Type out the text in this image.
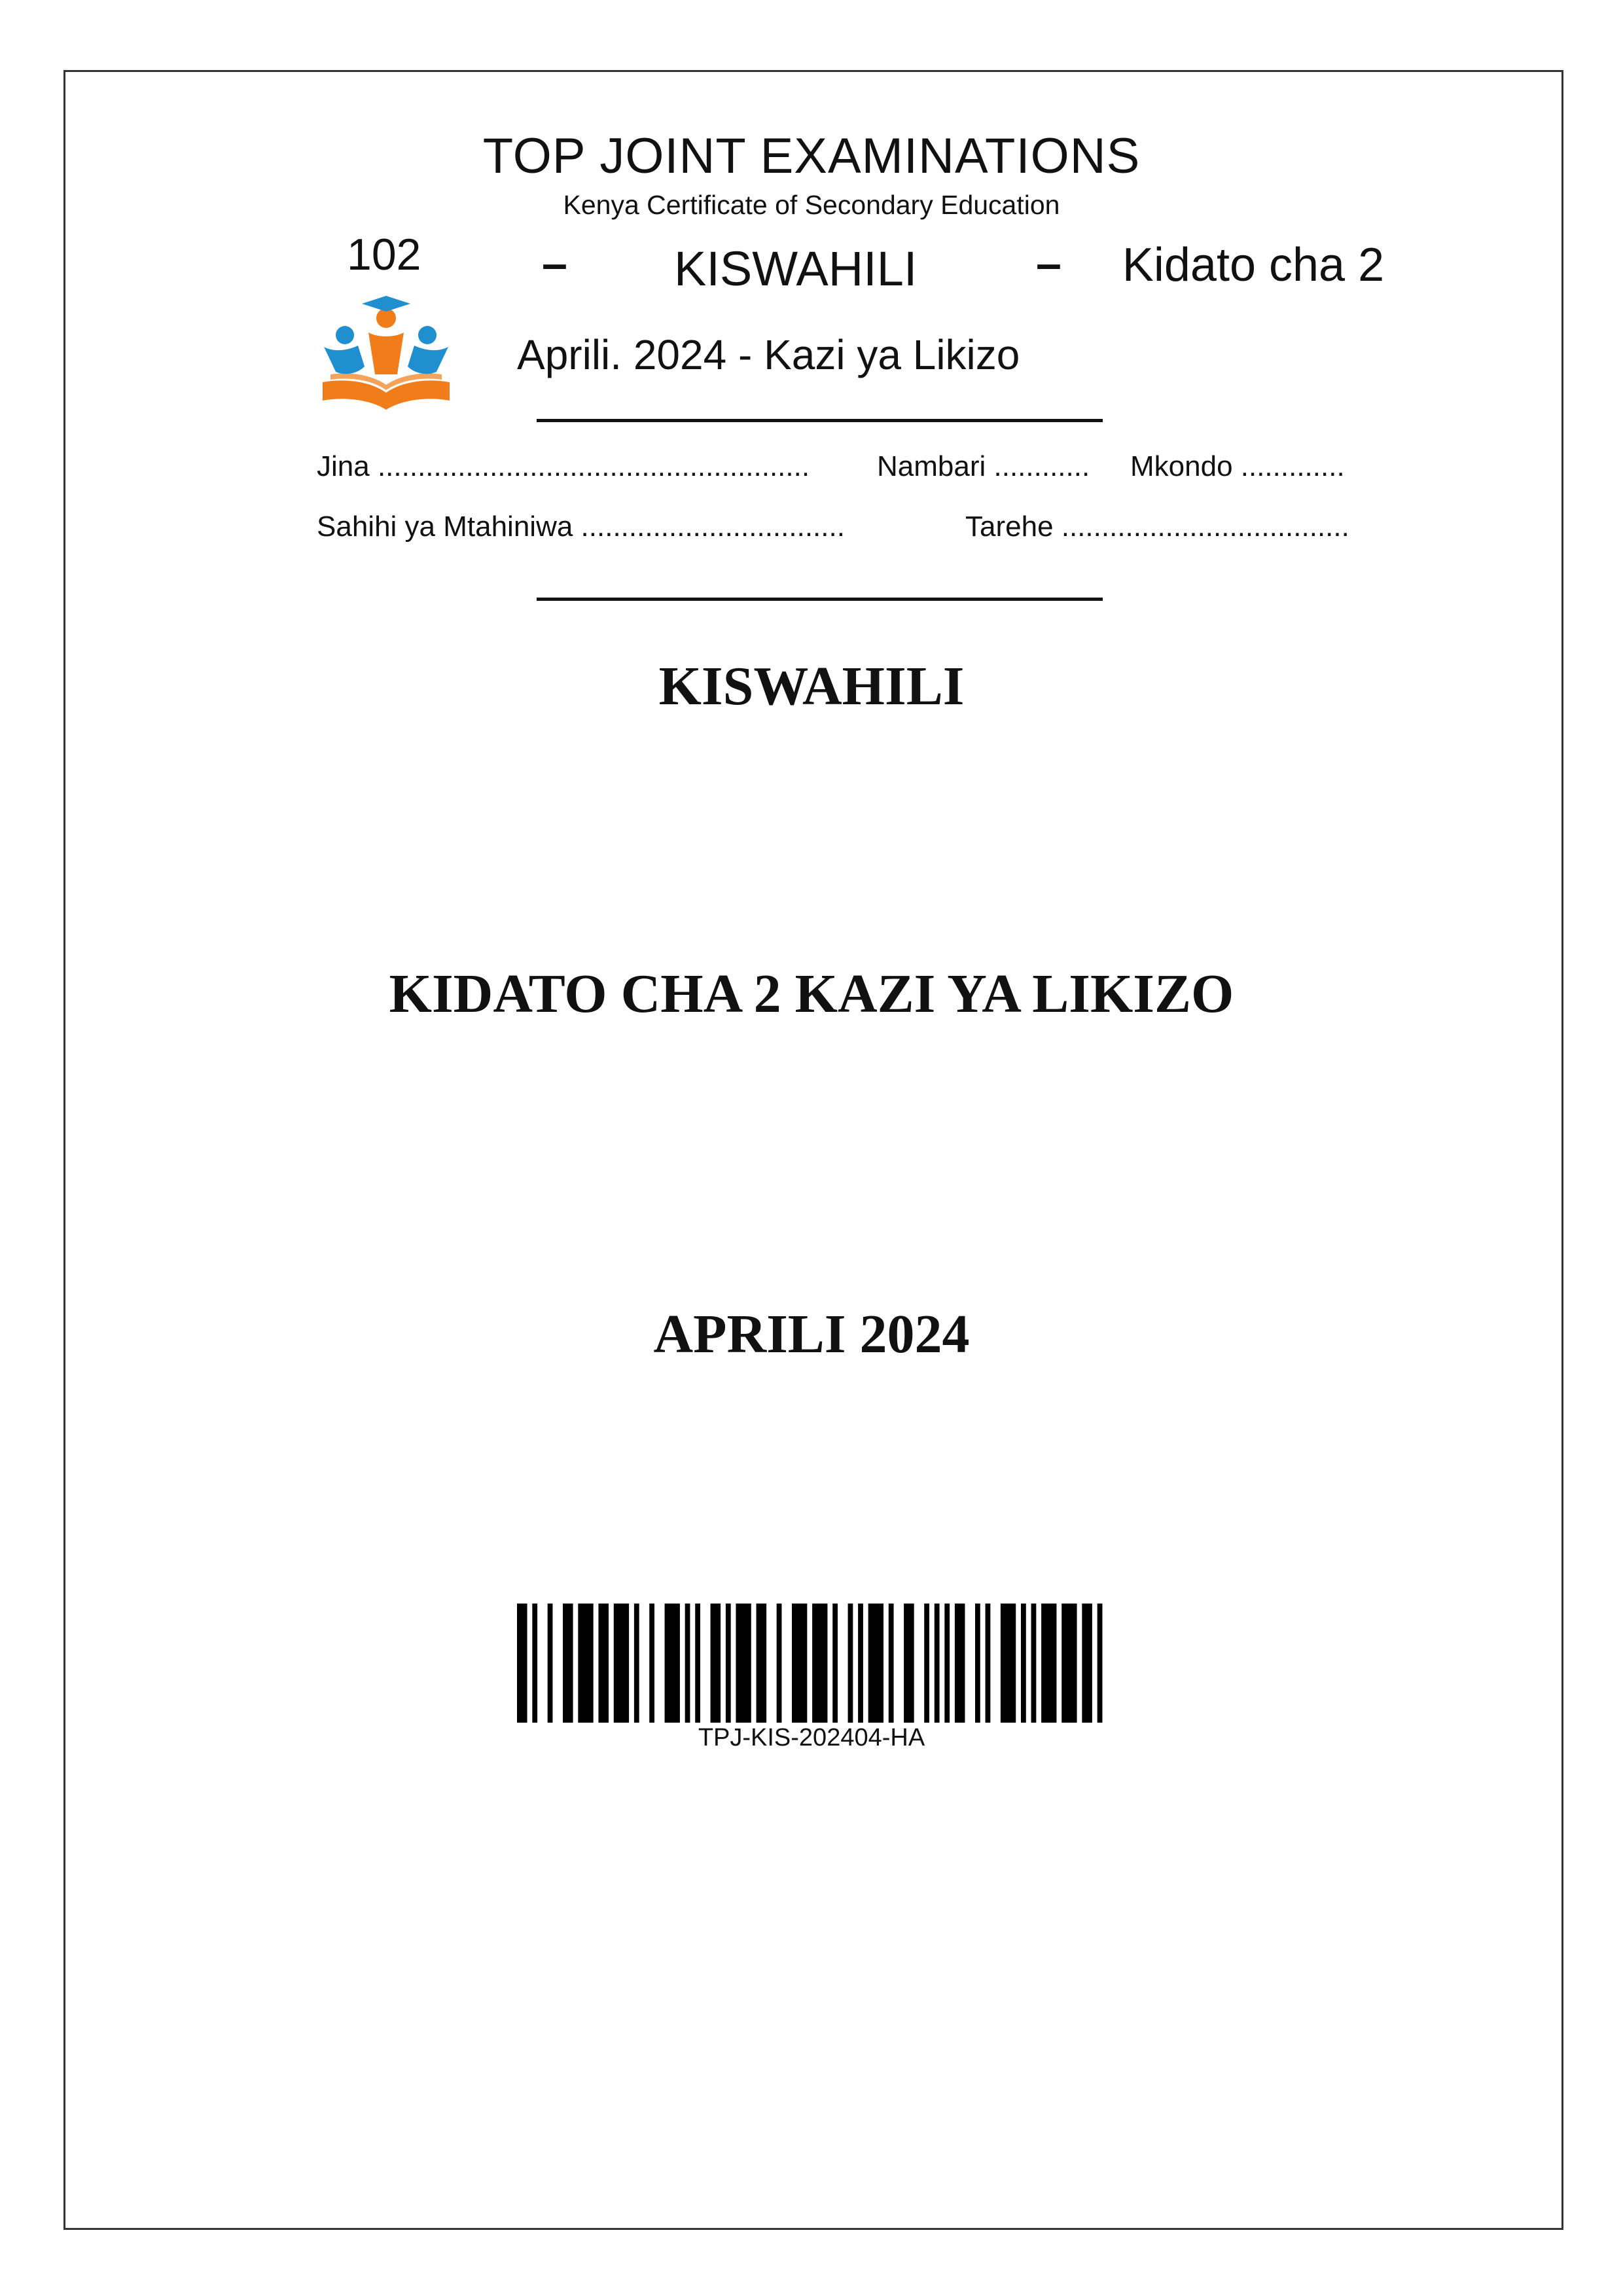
TOP JOINT EXAMINATIONS
Kenya Certificate of Secondary Education
102	– KISWAHILI	–	Kidato cha 2
Aprili. 2024 - Kazi ya Likizo
Jina ...................................................... Nambari ............ Mkondo .............
Sahihi ya Mtahiniwa .................................	Tarehe ....................................
KISWAHILI
KIDATO CHA 2 KAZI YA LIKIZO
APRILI 2024
TPJ-KIS-202404-HA
